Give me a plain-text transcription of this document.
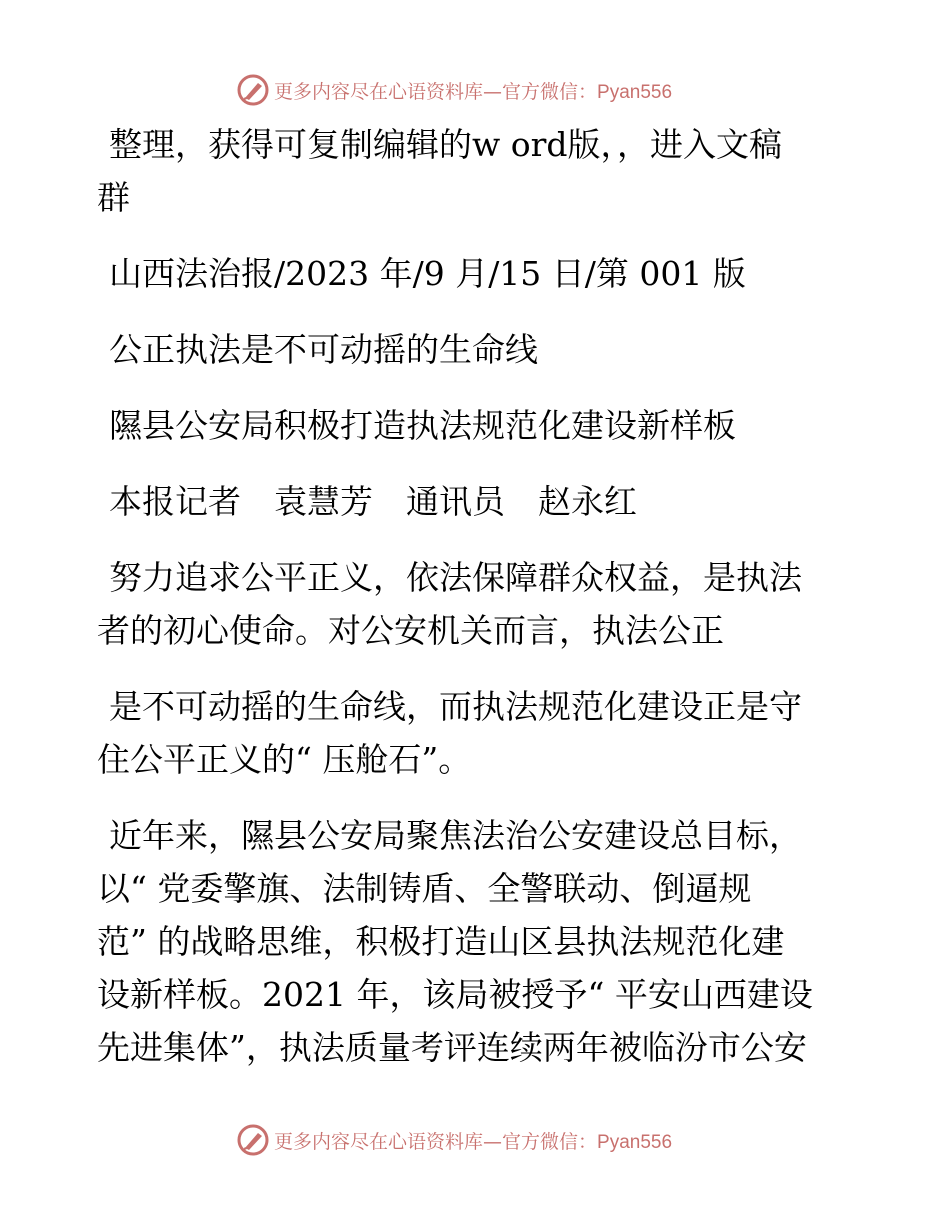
更多内容尽在心语资料库—官方微信：Pyan556
整理，获得可复制编辑的w ord版，，进入文稿
群
山西法治报/2023 年/9 月/15 日/第 001 版
公正执法是不可动摇的生命线
隰县公安局积极打造执法规范化建设新样板
本报记者　袁慧芳　通讯员　赵永红
努力追求公平正义，依法保障群众权益，是执法
者的初心使命。对公安机关而言，执法公正
是不可动摇的生命线，而执法规范化建设正是守
住公平正义的“ 压舱石”。
近年来，隰县公安局聚焦法治公安建设总目标，
以“ 党委擎旗、法制铸盾、全警联动、倒逼规
范” 的战略思维，积极打造山区县执法规范化建
设新样板。2021 年，该局被授予“ 平安山西建设
先进集体”，执法质量考评连续两年被临汾市公安
更多内容尽在心语资料库—官方微信：Pyan556
